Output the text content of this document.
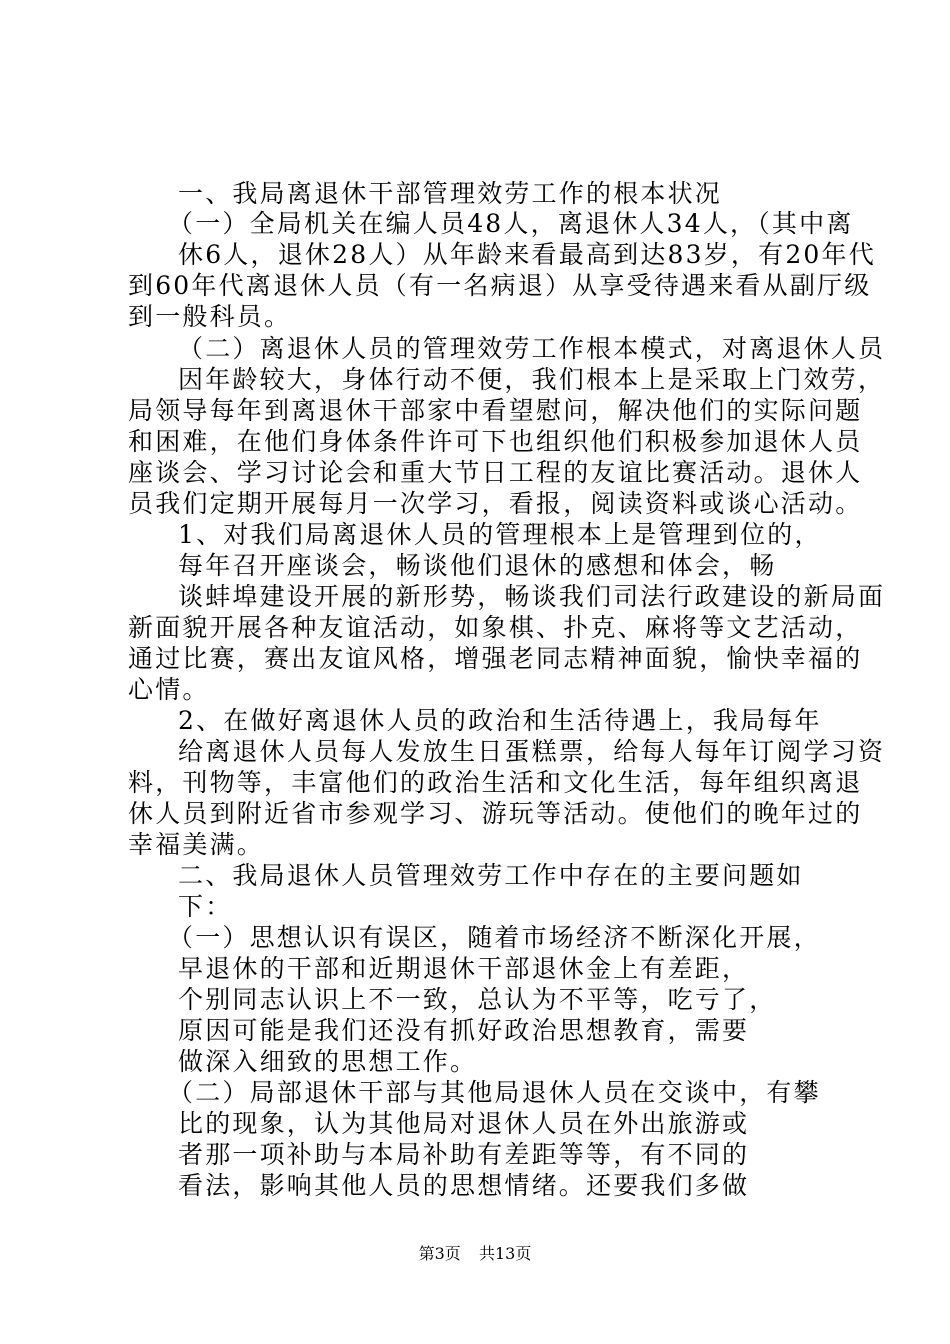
一、我局离退休干部管理效劳工作的根本状况
（一）全局机关在编人员48人，离退休人34人，（其中离
休6人，退休28人）从年龄来看最高到达83岁，有20年代
到60年代离退休人员（有一名病退）从享受待遇来看从副厅级
到一般科员。
（二）离退休人员的管理效劳工作根本模式，对离退休人员
因年龄较大，身体行动不便，我们根本上是采取上门效劳，
局领导每年到离退休干部家中看望慰问，解决他们的实际问题
和困难，在他们身体条件许可下也组织他们积极参加退休人员
座谈会、学习讨论会和重大节日工程的友谊比赛活动。退休人
员我们定期开展每月一次学习，看报，阅读资料或谈心活动。
1、对我们局离退休人员的管理根本上是管理到位的，
每年召开座谈会，畅谈他们退休的感想和体会，畅
谈蚌埠建设开展的新形势，畅谈我们司法行政建设的新局面
新面貌开展各种友谊活动，如象棋、扑克、麻将等文艺活动，
通过比赛，赛出友谊风格，增强老同志精神面貌，愉快幸福的
心情。
2、在做好离退休人员的政治和生活待遇上，我局每年
给离退休人员每人发放生日蛋糕票，给每人每年订阅学习资
料，刊物等，丰富他们的政治生活和文化生活，每年组织离退
休人员到附近省市参观学习、游玩等活动。使他们的晚年过的
幸福美满。
二、我局退休人员管理效劳工作中存在的主要问题如
下：
（一）思想认识有误区，随着市场经济不断深化开展，
早退休的干部和近期退休干部退休金上有差距，
个别同志认识上不一致，总认为不平等，吃亏了，
原因可能是我们还没有抓好政治思想教育，需要
做深入细致的思想工作。
（二）局部退休干部与其他局退休人员在交谈中，有攀
比的现象，认为其他局对退休人员在外出旅游或
者那一项补助与本局补助有差距等等，有不同的
看法，影响其他人员的思想情绪。还要我们多做
第3页 共13页
